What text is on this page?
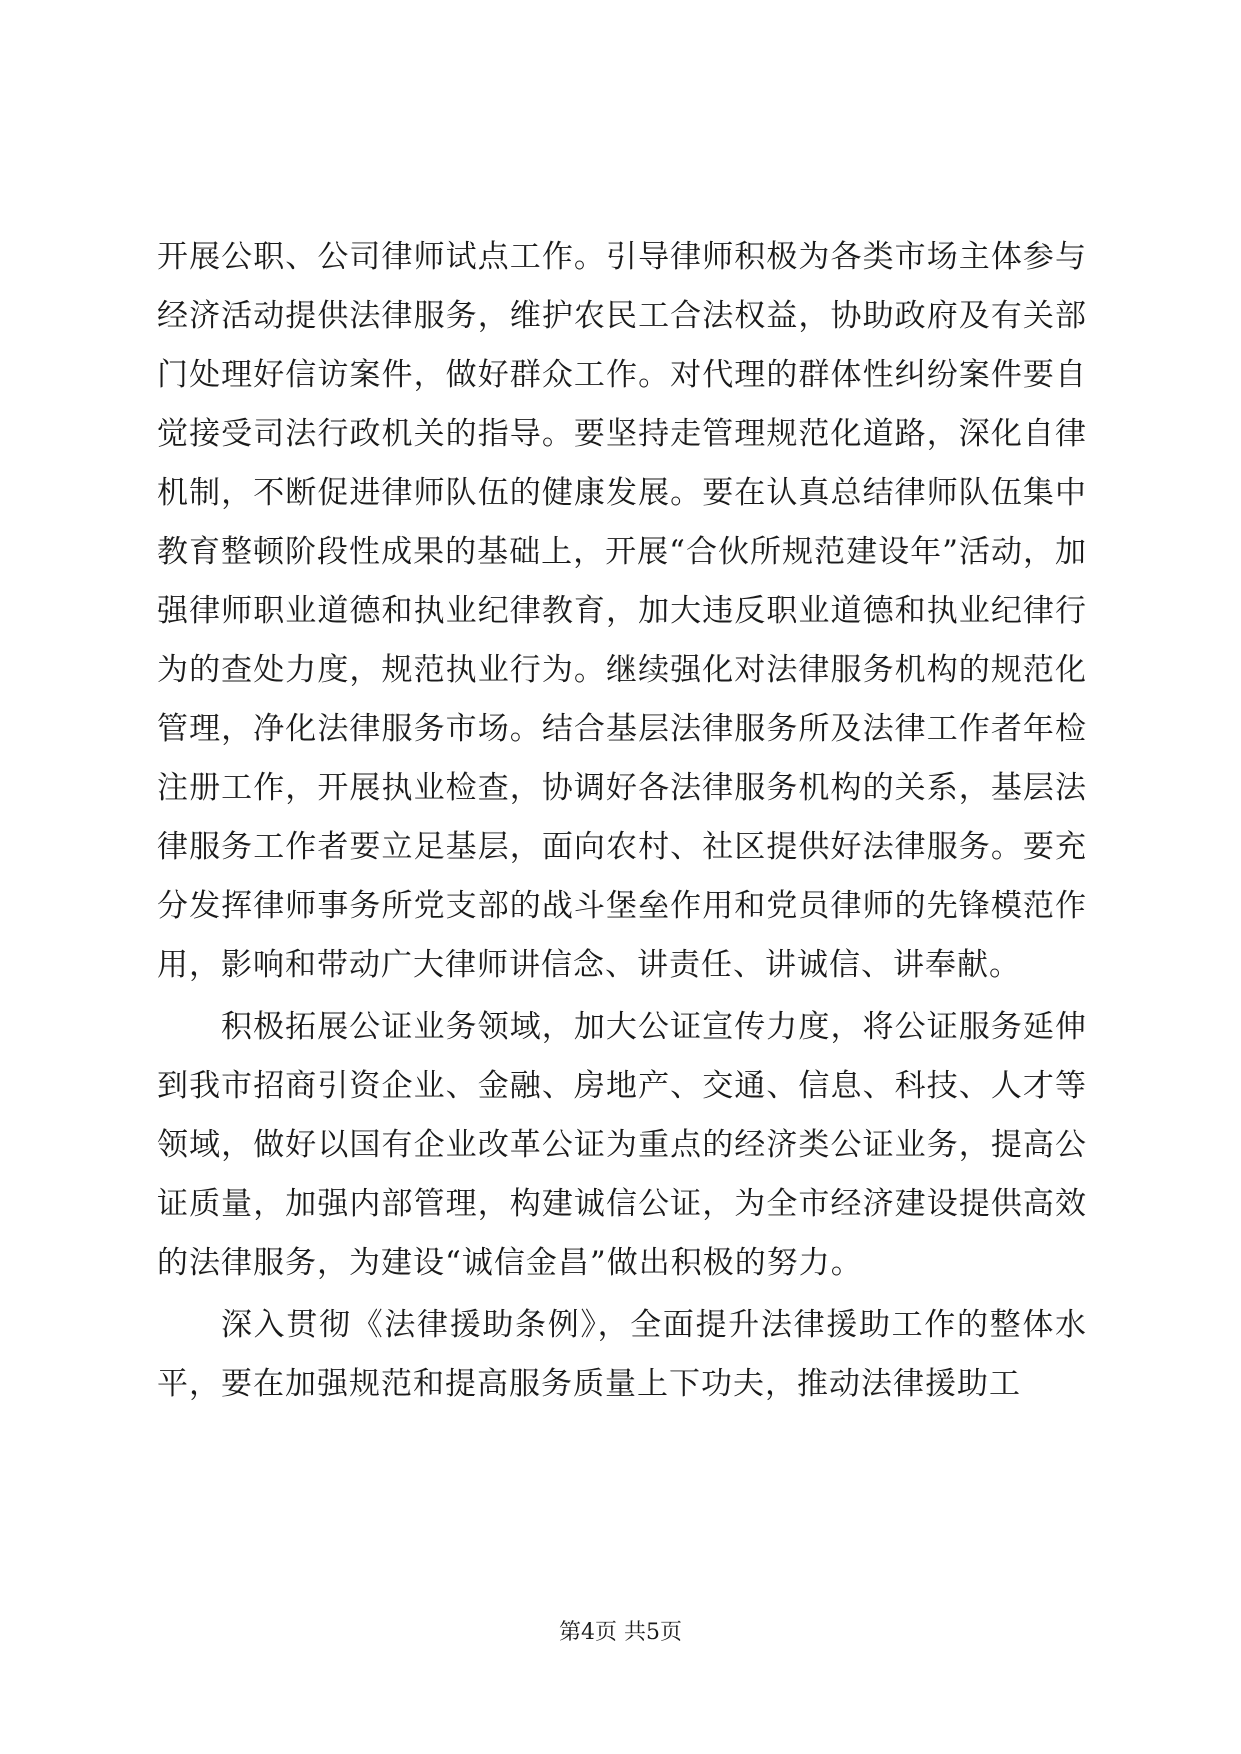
开展公职、公司律师试点工作。引导律师积极为各类市场主体参与经济活动提供法律服务，维护农民工合法权益，协助政府及有关部门处理好信访案件，做好群众工作。对代理的群体性纠纷案件要自觉接受司法行政机关的指导。要坚持走管理规范化道路，深化自律机制，不断促进律师队伍的健康发展。要在认真总结律师队伍集中教育整顿阶段性成果的基础上，开展“合伙所规范建设年”活动，加强律师职业道德和执业纪律教育，加大违反职业道德和执业纪律行为的查处力度，规范执业行为。继续强化对法律服务机构的规范化管理，净化法律服务市场。结合基层法律服务所及法律工作者年检注册工作，开展执业检查，协调好各法律服务机构的关系，基层法律服务工作者要立足基层，面向农村、社区提供好法律服务。要充分发挥律师事务所党支部的战斗堡垒作用和党员律师的先锋模范作用，影响和带动广大律师讲信念、讲责任、讲诚信、讲奉献。

积极拓展公证业务领域，加大公证宣传力度，将公证服务延伸到我市招商引资企业、金融、房地产、交通、信息、科技、人才等领域，做好以国有企业改革公证为重点的经济类公证业务，提高公证质量，加强内部管理，构建诚信公证，为全市经济建设提供高效的法律服务，为建设“诚信金昌”做出积极的努力。

深入贯彻《法律援助条例》，全面提升法律援助工作的整体水平，要在加强规范和提高服务质量上下功夫，推动法律援助工

第4页 共5页
